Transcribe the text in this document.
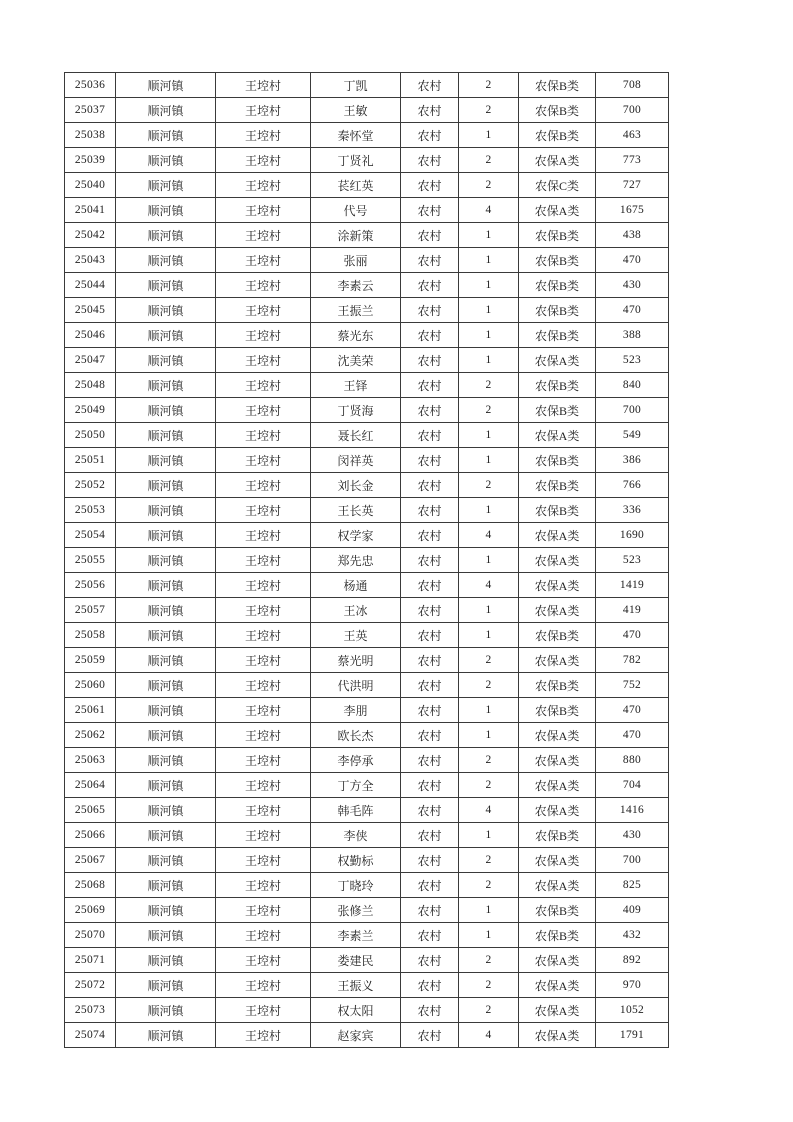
25036	顺河镇	王埪村	丁凯	农村	2	农保B类	708
25037	顺河镇	王埪村	王敏	农村	2	农保B类	700
25038	顺河镇	王埪村	秦怀堂	农村	1	农保B类	463
25039	顺河镇	王埪村	丁贤礼	农村	2	农保A类	773
25040	顺河镇	王埪村	苌红英	农村	2	农保C类	727
25041	顺河镇	王埪村	代号	农村	4	农保A类	1675
25042	顺河镇	王埪村	涂新策	农村	1	农保B类	438
25043	顺河镇	王埪村	张丽	农村	1	农保B类	470
25044	顺河镇	王埪村	李素云	农村	1	农保B类	430
25045	顺河镇	王埪村	王振兰	农村	1	农保B类	470
25046	顺河镇	王埪村	蔡光东	农村	1	农保B类	388
25047	顺河镇	王埪村	沈美荣	农村	1	农保A类	523
25048	顺河镇	王埪村	王铎	农村	2	农保B类	840
25049	顺河镇	王埪村	丁贤海	农村	2	农保B类	700
25050	顺河镇	王埪村	聂长红	农村	1	农保A类	549
25051	顺河镇	王埪村	闵祥英	农村	1	农保B类	386
25052	顺河镇	王埪村	刘长金	农村	2	农保B类	766
25053	顺河镇	王埪村	王长英	农村	1	农保B类	336
25054	顺河镇	王埪村	权学家	农村	4	农保A类	1690
25055	顺河镇	王埪村	郑先忠	农村	1	农保A类	523
25056	顺河镇	王埪村	杨通	农村	4	农保A类	1419
25057	顺河镇	王埪村	王冰	农村	1	农保A类	419
25058	顺河镇	王埪村	王英	农村	1	农保B类	470
25059	顺河镇	王埪村	蔡光明	农村	2	农保A类	782
25060	顺河镇	王埪村	代洪明	农村	2	农保B类	752
25061	顺河镇	王埪村	李朋	农村	1	农保B类	470
25062	顺河镇	王埪村	欧长杰	农村	1	农保A类	470
25063	顺河镇	王埪村	李停承	农村	2	农保A类	880
25064	顺河镇	王埪村	丁方全	农村	2	农保A类	704
25065	顺河镇	王埪村	韩毛阵	农村	4	农保A类	1416
25066	顺河镇	王埪村	李侠	农村	1	农保B类	430
25067	顺河镇	王埪村	权勤标	农村	2	农保A类	700
25068	顺河镇	王埪村	丁晓玲	农村	2	农保A类	825
25069	顺河镇	王埪村	张修兰	农村	1	农保B类	409
25070	顺河镇	王埪村	李素兰	农村	1	农保B类	432
25071	顺河镇	王埪村	娄建民	农村	2	农保A类	892
25072	顺河镇	王埪村	王振义	农村	2	农保A类	970
25073	顺河镇	王埪村	权太阳	农村	2	农保A类	1052
25074	顺河镇	王埪村	赵家宾	农村	4	农保A类	1791
